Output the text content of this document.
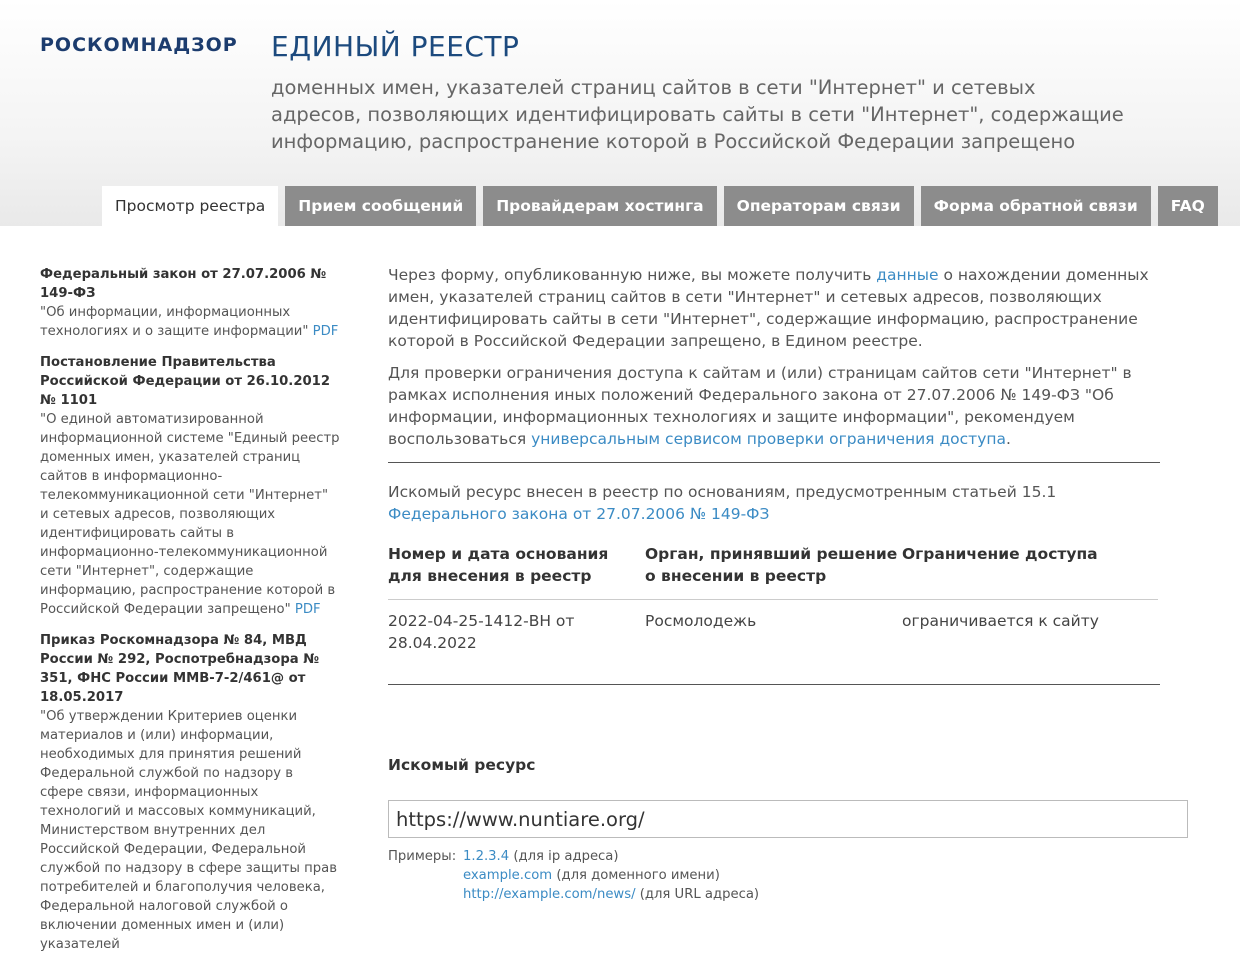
РОСКОМНАДЗОР ЕДИНЫЙ РЕЕСТР
доменных имен, указателей страниц сайтов в сети "Интернет" и сетевых адресов, позволяющих идентифицировать сайты в сети "Интернет", содержащие информацию, распространение которой в Российской Федерации запрещено
Просмотр реестра	Прием сообщений	Провайдерам хостинга	Операторам связи	Форма обратной связи	FAQ
Федеральный закон от 27.07.2006 № 149-ФЗ
"Об информации, информационных технологиях и о защите информации" PDF
Постановление Правительства Российской Федерации от 26.10.2012 № 1101
"О единой автоматизированной информационной системе "Единый реестр доменных имен, указателей страниц сайтов в информационно-телекоммуникационной сети "Интернет" и сетевых адресов, позволяющих идентифицировать сайты в информационно-телекоммуникационной сети "Интернет", содержащие информацию, распространение которой в Российской Федерации запрещено" PDF
Приказ Роскомнадзора № 84, МВД России № 292, Роспотребнадзора № 351, ФНС России ММВ-7-2/461@ от 18.05.2017
"Об утверждении Критериев оценки материалов и (или) информации, необходимых для принятия решений Федеральной службой по надзору в сфере связи, информационных технологий и массовых коммуникаций, Министерством внутренних дел Российской Федерации, Федеральной службой по надзору в сфере защиты прав потребителей и благополучия человека, Федеральной налоговой службой о включении доменных имен и (или) указателей

Через форму, опубликованную ниже, вы можете получить данные о нахождении доменных имен, указателей страниц сайтов в сети "Интернет" и сетевых адресов, позволяющих идентифицировать сайты в сети "Интернет", содержащие информацию, распространение которой в Российской Федерации запрещено, в Едином реестре.

Для проверки ограничения доступа к сайтам и (или) страницам сайтов сети "Интернет" в рамках исполнения иных положений Федерального закона от 27.07.2006 № 149-ФЗ "Об информации, информационных технологиях и защите информации", рекомендуем воспользоваться универсальным сервисом проверки ограничения доступа.

Искомый ресурс внесен в реестр по основаниям, предусмотренным статьей 15.1
Федерального закона от 27.07.2006 № 149-ФЗ
Номер и дата основания для внесения в реестр	Орган, принявший решение о внесении в реестр	Ограничение доступа
2022-04-25-1412-ВН от 28.04.2022	Росмолодежь	ограничивается к сайту
Искомый ресурс
https://www.nuntiare.org/
Примеры: 1.2.3.4 (для ip адреса)
example.com (для доменного имени)
http://example.com/news/ (для URL адреса)
